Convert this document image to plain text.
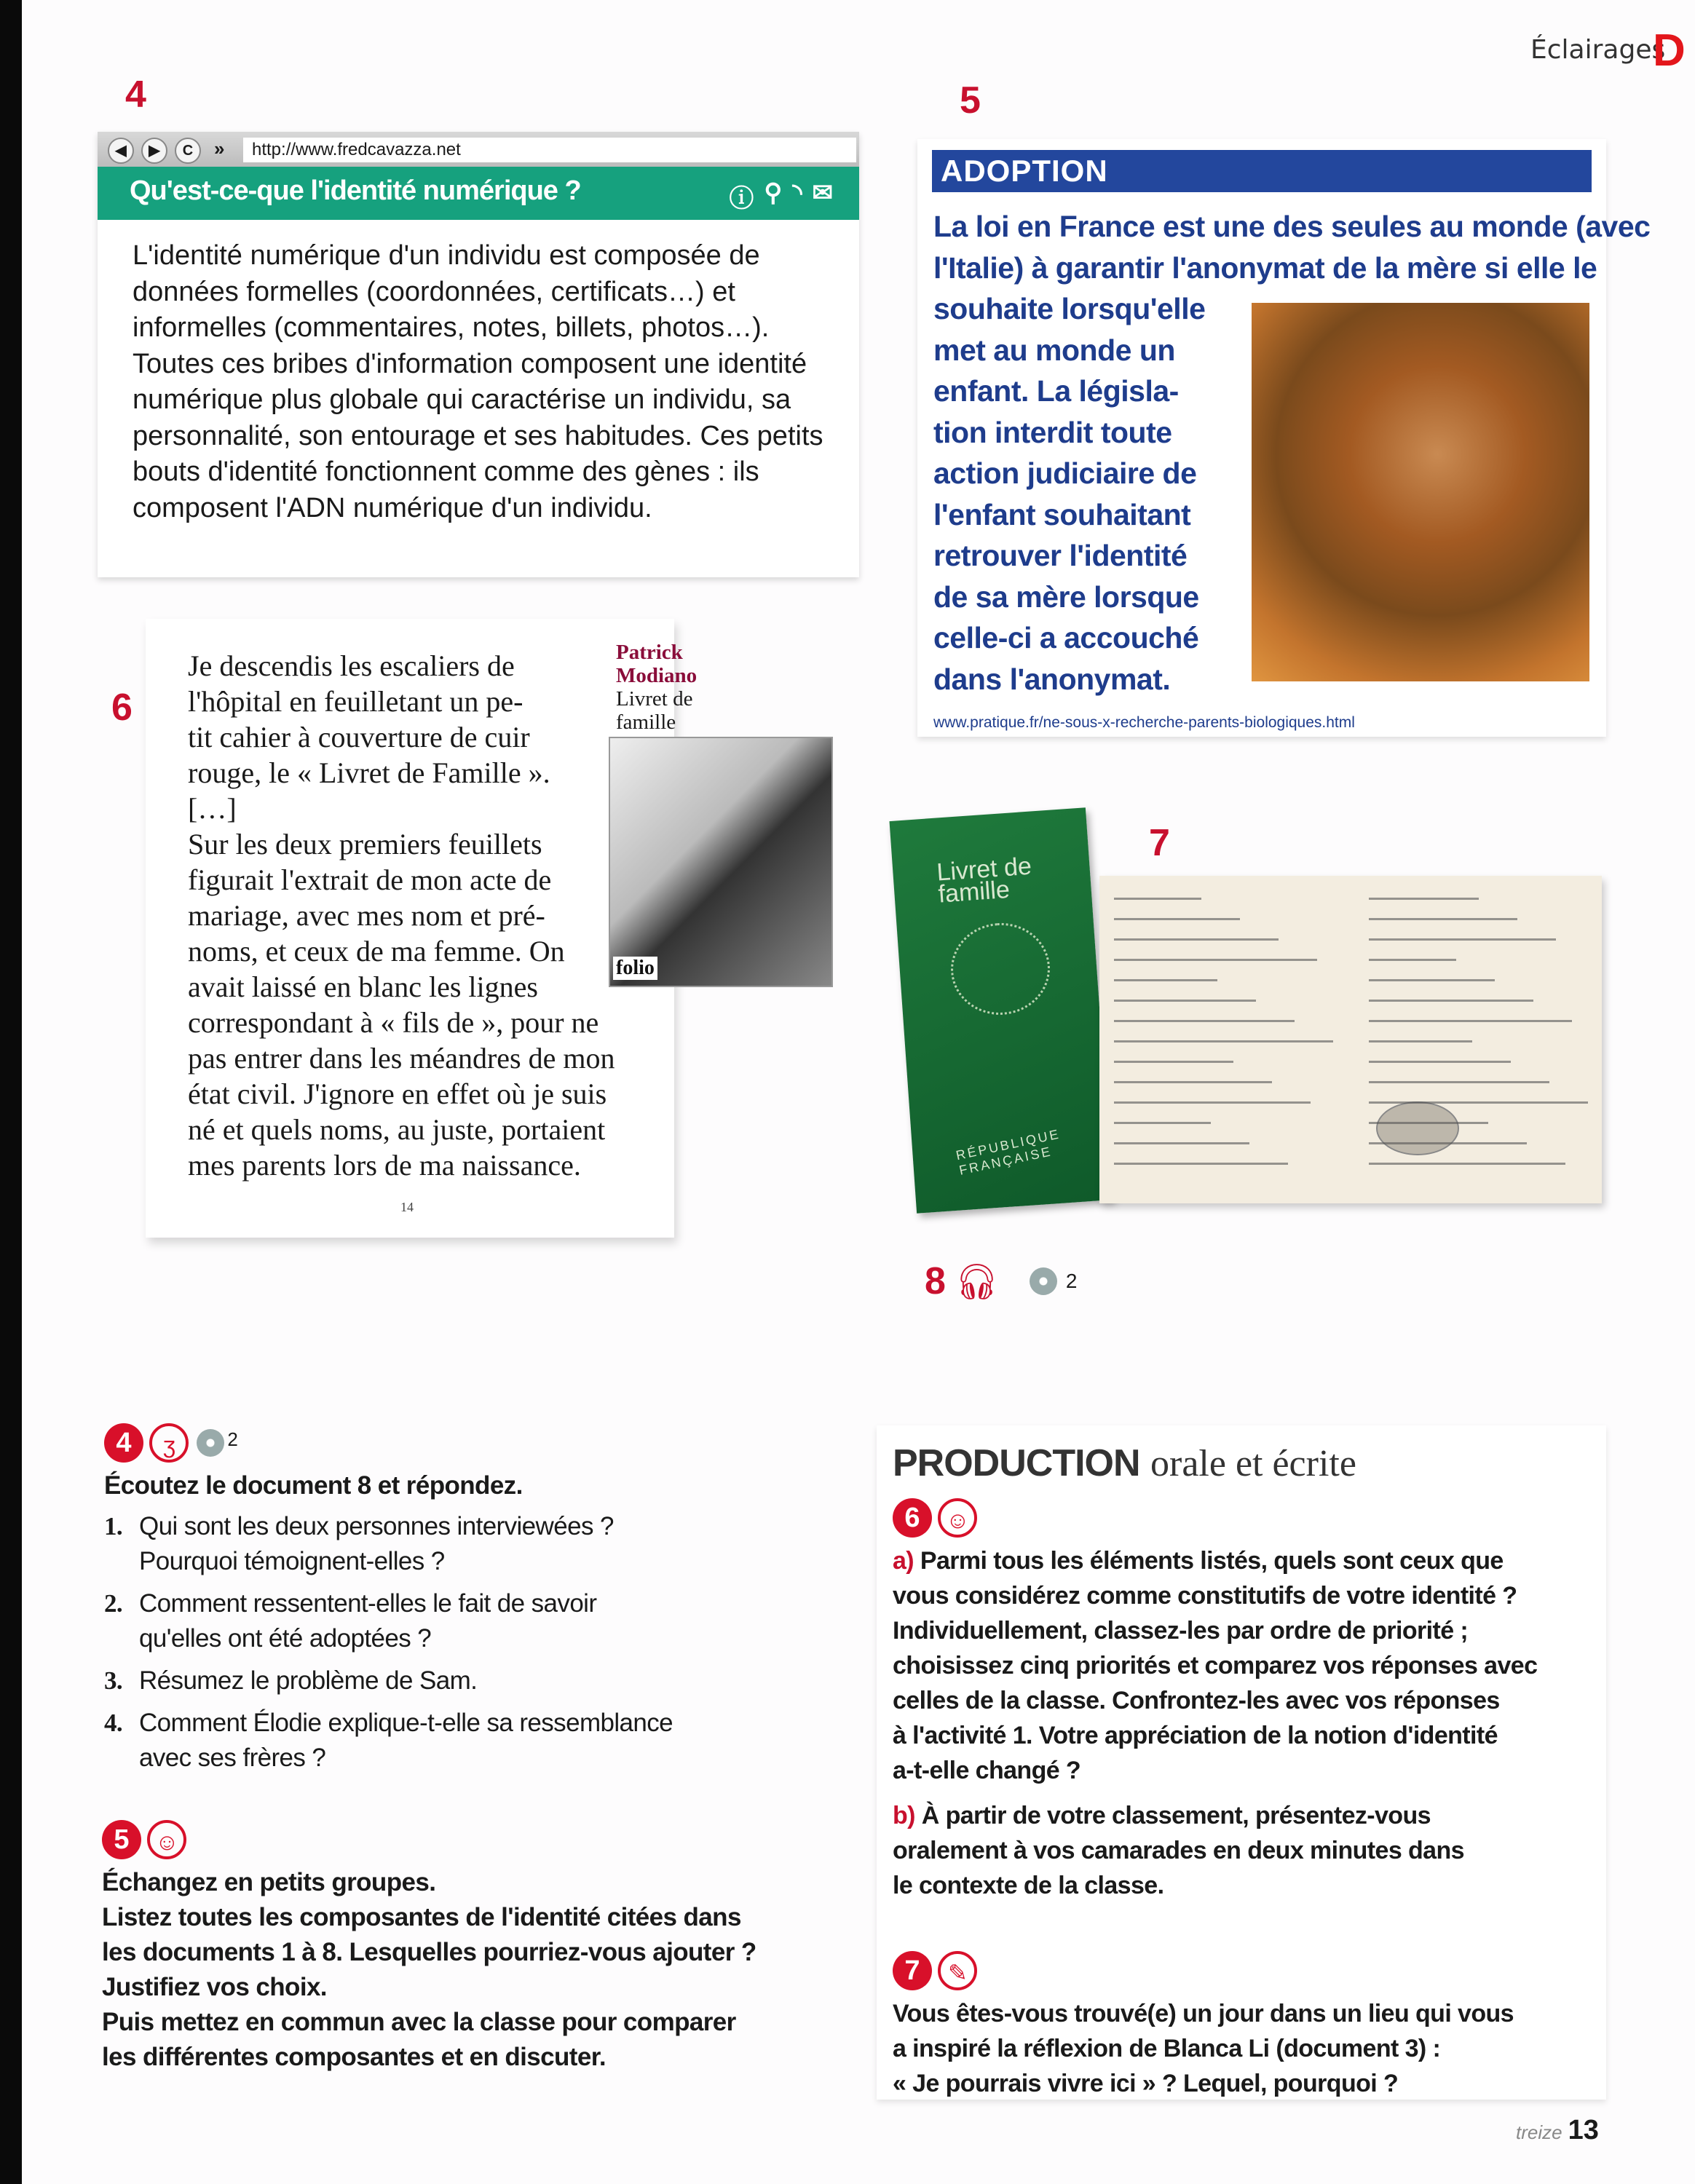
Éclairages
D
4
◀	▶	C	»	http://www.fredcavazza.net
Qu'est-ce-que l'identité numérique ?	ⓘ ⚲ ◝ ✉
L'identité numérique d'un individu est composée de données formelles (coordonnées, certificats…) et informelles (commentaires, notes, billets, photos…). Toutes ces bribes d'information composent une identité numérique plus globale qui caractérise un individu, sa personnalité, son entourage et ses habitudes. Ces petits bouts d'identité fonctionnent comme des gènes : ils composent l'ADN numérique d'un individu.
5
ADOPTION
La loi en France est une des seules au monde (avec
l'Italie) à garantir l'anonymat de la mère si elle le
souhaite lorsqu'elle
met au monde un
enfant. La législa-
tion interdit toute
action judiciaire de
l'enfant souhaitant
retrouver l'identité
de sa mère lorsque
celle-ci a accouché
dans l'anonymat.
www.pratique.fr/ne-sous-x-recherche-parents-biologiques.html
6
Je descendis les escaliers de
l'hôpital en feuilletant un pe-
tit cahier à couverture de cuir
rouge, le « Livret de Famille ».
[…]
Sur les deux premiers feuillets
figurait l'extrait de mon acte de
mariage, avec mes nom et pré-
noms, et ceux de ma femme. On
avait laissé en blanc les lignes
correspondant à « fils de », pour ne
pas entrer dans les méandres de mon
état civil. J'ignore en effet où je suis
né et quels noms, au juste, portaient
mes parents lors de ma naissance.
Patrick Modiano
Livret de famille
folio
14
7
Livret de famille
RÉPUBLIQUE FRANÇAISE
8 🎧︎	2
4 ʒ	2
Écoutez le document 8 et répondez.
1. Qui sont les deux personnes interviewées ?
Pourquoi témoignent-elles ?
2. Comment ressentent-elles le fait de savoir
qu'elles ont été adoptées ?
3. Résumez le problème de Sam.
4. Comment Élodie explique-t-elle sa ressemblance
avec ses frères ?
5 ☺
Échangez en petits groupes.
Listez toutes les composantes de l'identité citées dans
les documents 1 à 8. Lesquelles pourriez-vous ajouter ?
Justifiez vos choix.
Puis mettez en commun avec la classe pour comparer
les différentes composantes et en discuter.
PRODUCTION orale et écrite
6 ☺
a) Parmi tous les éléments listés, quels sont ceux que
vous considérez comme constitutifs de votre identité ?
Individuellement, classez-les par ordre de priorité ;
choisissez cinq priorités et comparez vos réponses avec
celles de la classe. Confrontez-les avec vos réponses
à l'activité 1. Votre appréciation de la notion d'identité
a-t-elle changé ?

b) À partir de votre classement, présentez-vous
oralement à vos camarades en deux minutes dans
le contexte de la classe.

7 ✎
Vous êtes-vous trouvé(e) un jour dans un lieu qui vous
a inspiré la réflexion de Blanca Li (document 3) :
« Je pourrais vivre ici » ? Lequel, pourquoi ?
treize 13
